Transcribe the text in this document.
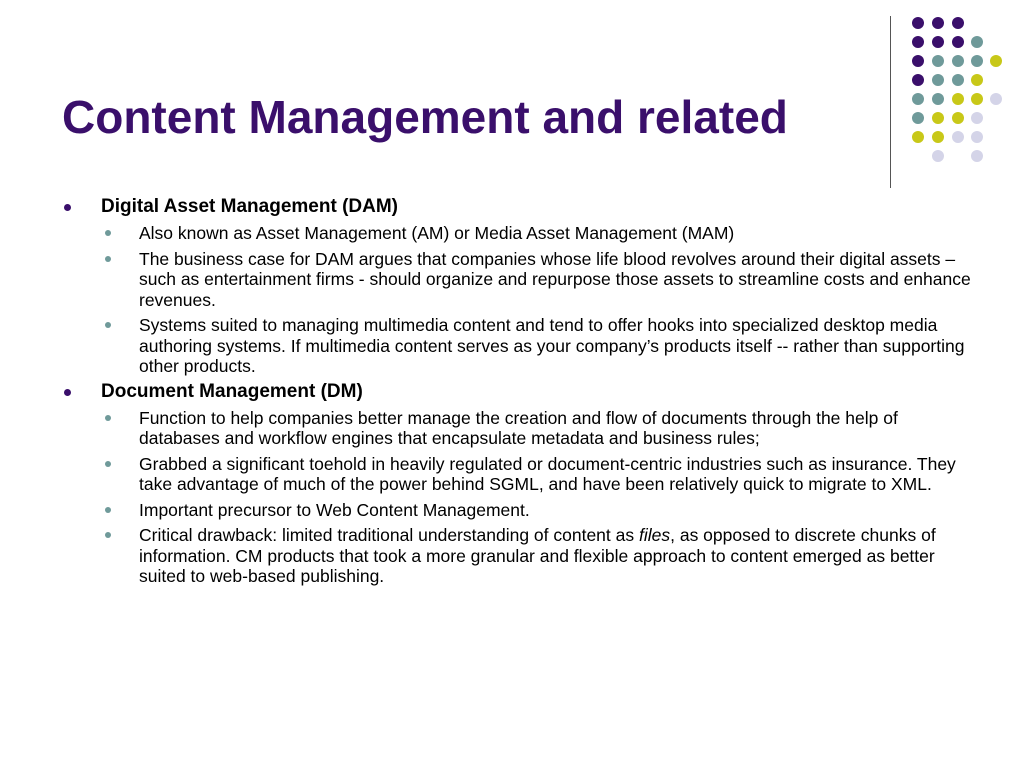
Content Management and related
Digital Asset Management (DAM)
Also known as Asset Management (AM) or Media Asset Management (MAM)
The business case for DAM argues that companies whose life blood revolves around their digital assets – such as entertainment firms - should organize and repurpose those assets to streamline costs and enhance revenues.
Systems suited to managing multimedia content and tend to offer hooks into specialized desktop media authoring systems. If multimedia content serves as your company’s products itself -- rather than supporting other products.
Document Management (DM)
Function to help companies better manage the creation and flow of documents through the help of databases and workflow engines that encapsulate metadata and business rules;
Grabbed a significant toehold in heavily regulated or document-centric industries such as insurance. They take advantage of much of the power behind SGML, and have been relatively quick to migrate to XML.
Important precursor to Web Content Management.
Critical drawback: limited traditional understanding of content as files, as opposed to discrete chunks of information. CM products that took a more granular and flexible approach to content emerged as better suited to web-based publishing.
